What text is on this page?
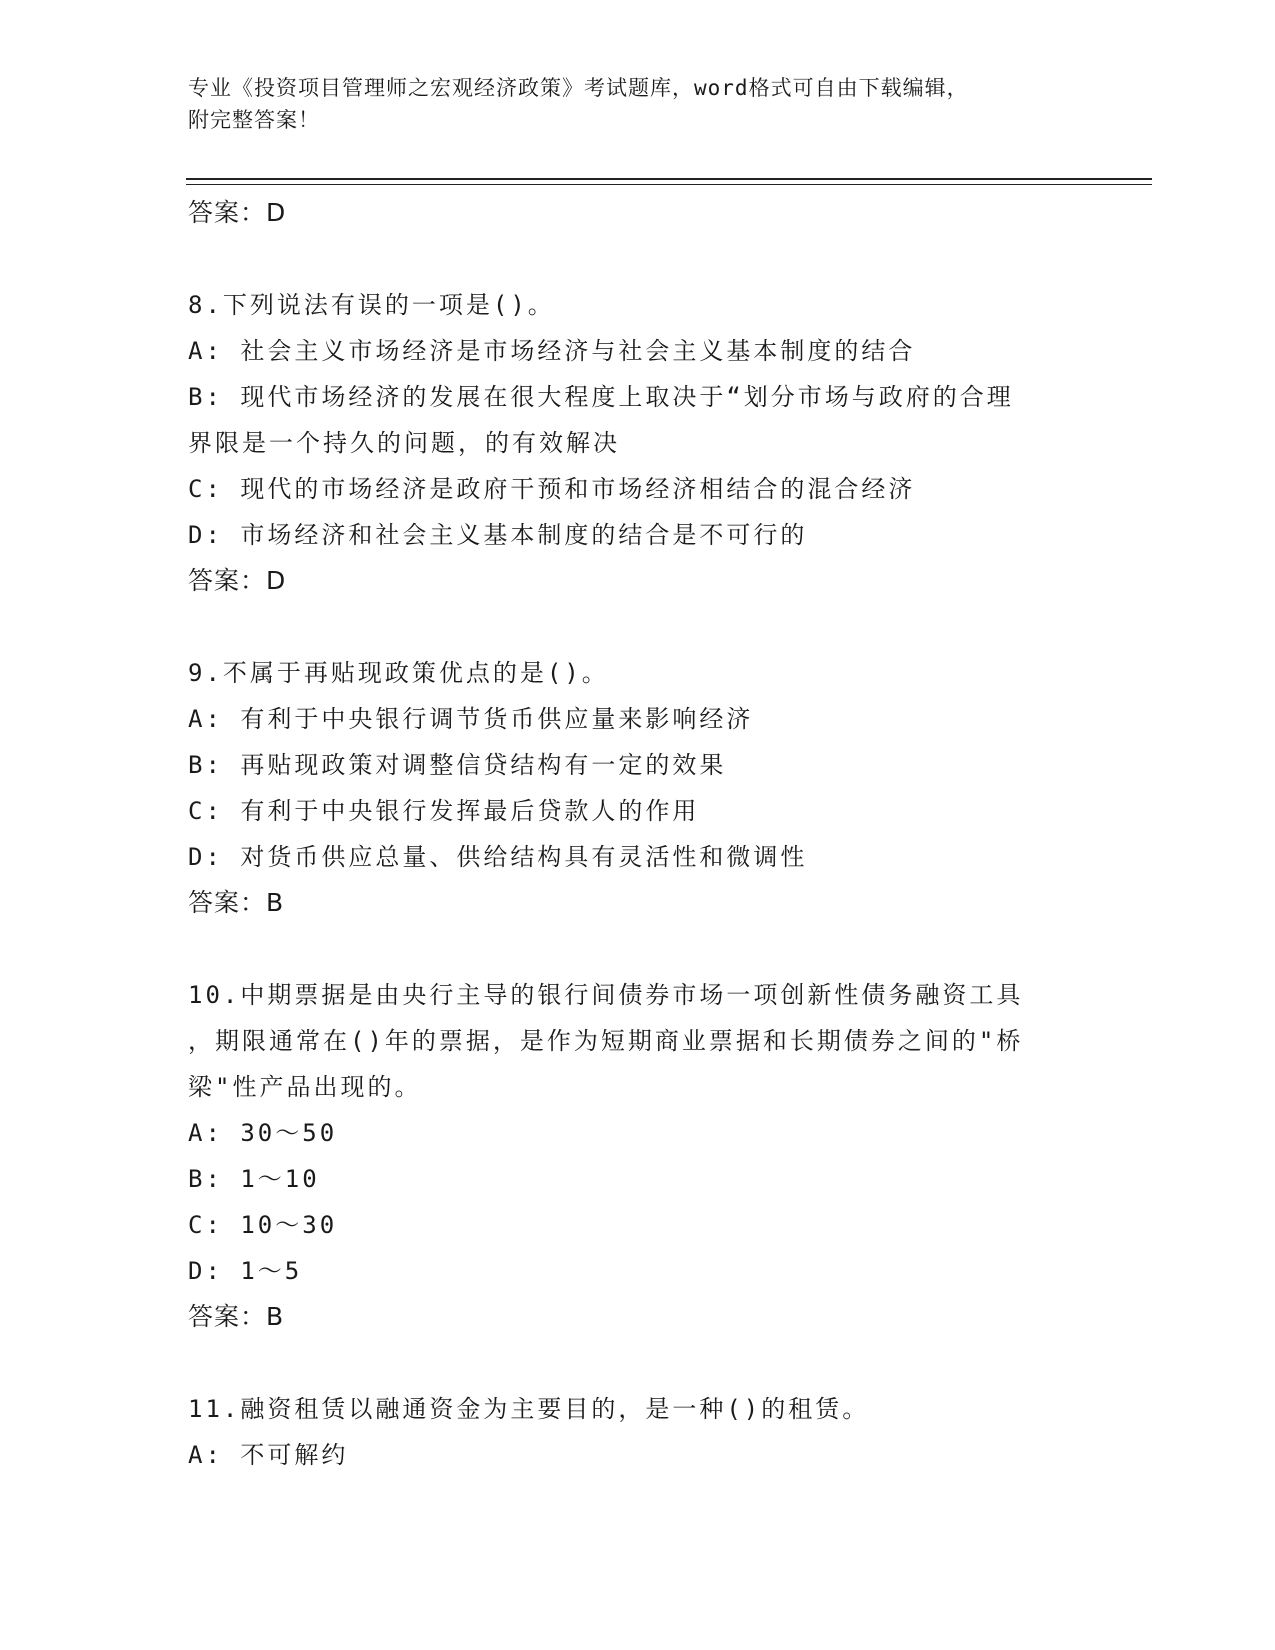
专业《投资项目管理师之宏观经济政策》考试题库，word格式可自由下载编辑，
附完整答案！
答案：D
8.下列说法有误的一项是()。
A: 社会主义市场经济是市场经济与社会主义基本制度的结合
B: 现代市场经济的发展在很大程度上取决于“划分市场与政府的合理
界限是一个持久的问题，的有效解决
C: 现代的市场经济是政府干预和市场经济相结合的混合经济
D: 市场经济和社会主义基本制度的结合是不可行的
答案：D
9.不属于再贴现政策优点的是()。
A: 有利于中央银行调节货币供应量来影响经济
B: 再贴现政策对调整信贷结构有一定的效果
C: 有利于中央银行发挥最后贷款人的作用
D: 对货币供应总量、供给结构具有灵活性和微调性
答案：B
10.中期票据是由央行主导的银行间债券市场一项创新性债务融资工具
，期限通常在()年的票据，是作为短期商业票据和长期债券之间的"桥
梁"性产品出现的。
A: 30～50
B: 1～10
C: 10～30
D: 1～5
答案：B
11.融资租赁以融通资金为主要目的，是一种()的租赁。
A: 不可解约
